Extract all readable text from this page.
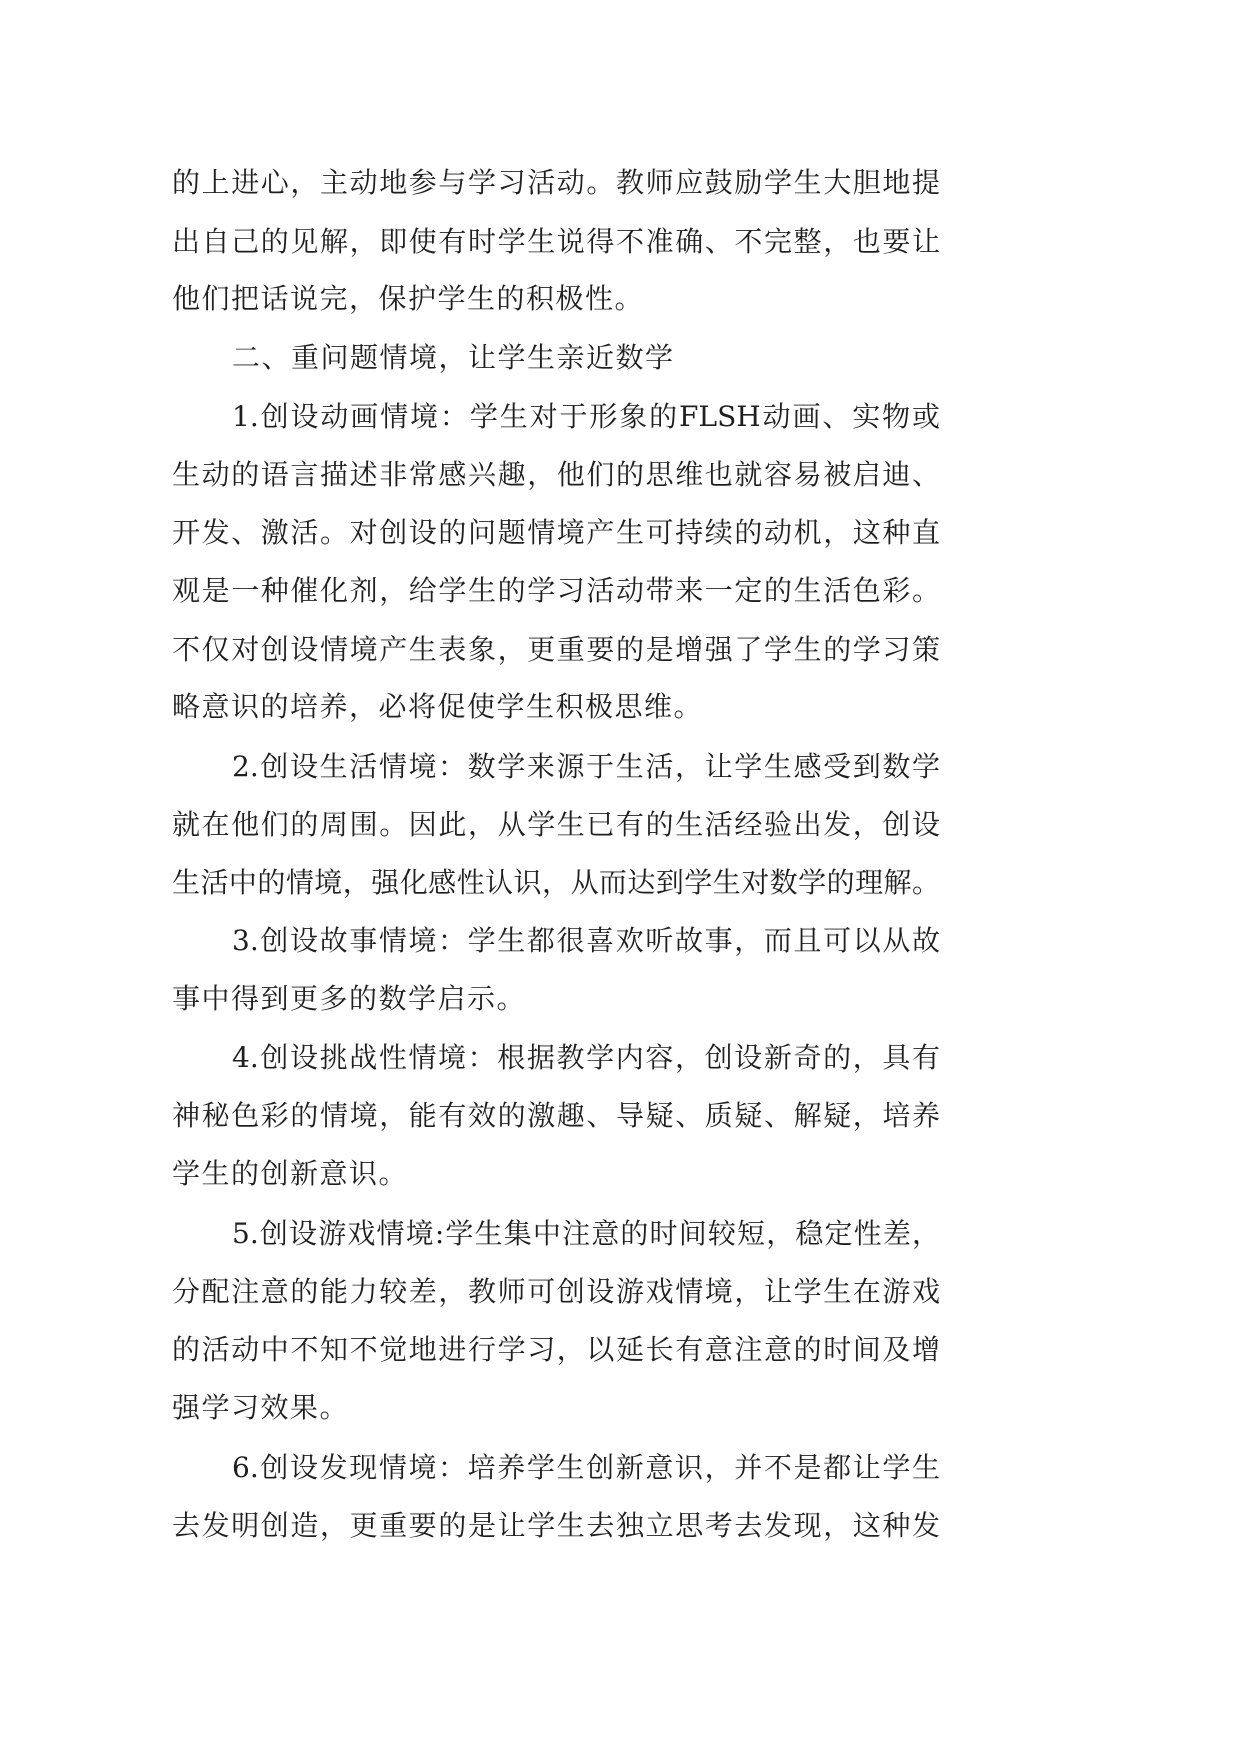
的上进心，主动地参与学习活动。教师应鼓励学生大胆地提

出自己的见解，即使有时学生说得不准确、不完整，也要让

他们把话说完，保护学生的积极性。

二、重问题情境，让学生亲近数学

1.创设动画情境：学生对于形象的FLSH动画、实物或

生动的语言描述非常感兴趣，他们的思维也就容易被启迪、

开发、激活。对创设的问题情境产生可持续的动机，这种直

观是一种催化剂，给学生的学习活动带来一定的生活色彩。

不仅对创设情境产生表象，更重要的是增强了学生的学习策

略意识的培养，必将促使学生积极思维。

2.创设生活情境：数学来源于生活，让学生感受到数学

就在他们的周围。因此，从学生已有的生活经验出发，创设

生活中的情境，强化感性认识，从而达到学生对数学的理解。

3.创设故事情境：学生都很喜欢听故事，而且可以从故

事中得到更多的数学启示。

4.创设挑战性情境：根据教学内容，创设新奇的，具有

神秘色彩的情境，能有效的激趣、导疑、质疑、解疑，培养

学生的创新意识。

5.创设游戏情境:学生集中注意的时间较短，稳定性差，

分配注意的能力较差，教师可创设游戏情境，让学生在游戏

的活动中不知不觉地进行学习，以延长有意注意的时间及增

强学习效果。

6.创设发现情境：培养学生创新意识，并不是都让学生

去发明创造，更重要的是让学生去独立思考去发现，这种发
